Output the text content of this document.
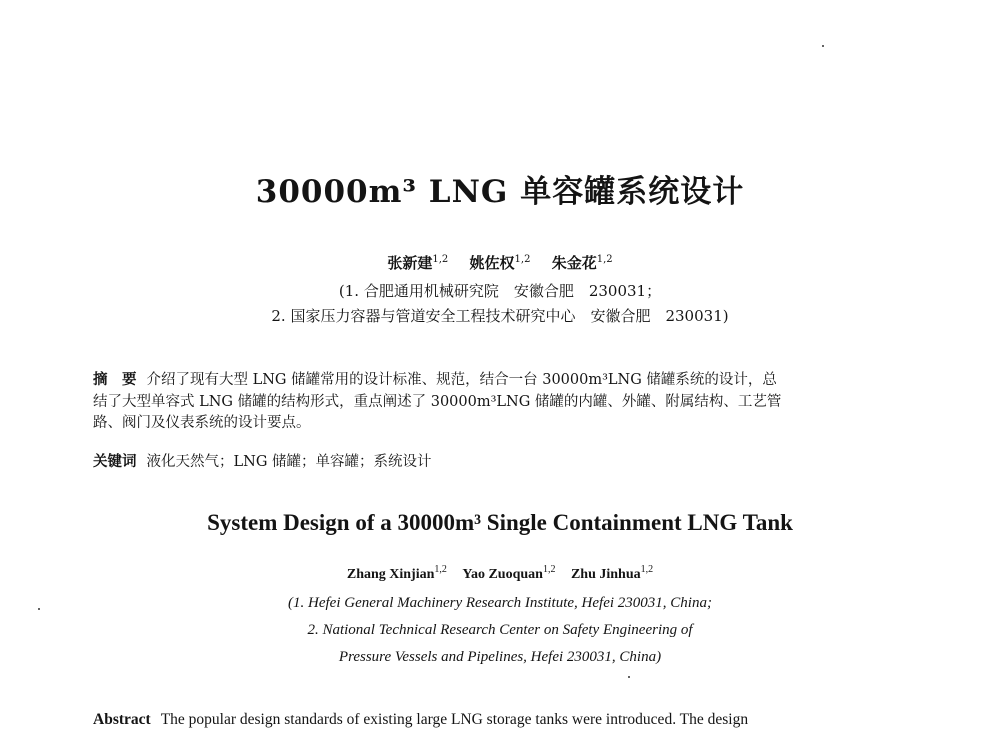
30000m³ LNG 单容罐系统设计
张新建$^{1,2}$ 姚佐权$^{1,2}$ 朱金花$^{1,2}$
(1. 合肥通用机械研究院　安徽合肥　230031；
2. 国家压力容器与管道安全工程技术研究中心　安徽合肥　230031)
摘　要 介绍了现有大型 LNG 储罐常用的设计标准、规范，结合一台 30000m³LNG 储罐系统的设计，总
结了大型单容式 LNG 储罐的结构形式，重点阐述了 30000m³LNG 储罐的内罐、外罐、附属结构、工艺管
路、阀门及仪表系统的设计要点。
关键词 液化天然气；LNG 储罐；单容罐；系统设计
System Design of a 30000m³ Single Containment LNG Tank
Zhang Xinjian$^{1,2}$ Yao Zuoquan$^{1,2}$ Zhu Jinhua$^{1,2}$
(1. Hefei General Machinery Research Institute, Hefei 230031, China;
2. National Technical Research Center on Safety Engineering of
Pressure Vessels and Pipelines, Hefei 230031, China)
Abstract The popular design standards of existing large LNG storage tanks were introduced. The design
